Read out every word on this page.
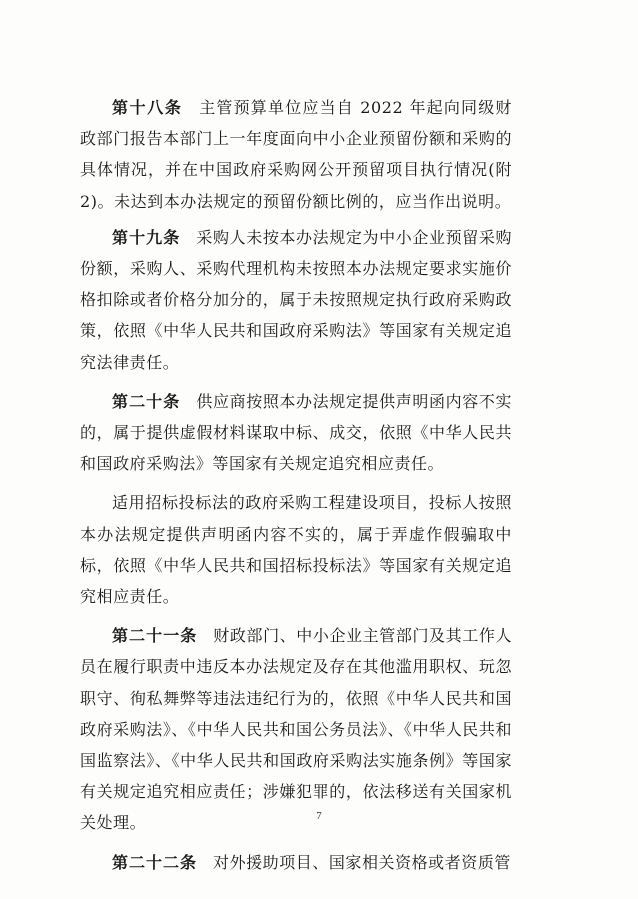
第十八条 主管预算单位应当自 2022 年起向同级财政部门报告本部门上一年度面向中小企业预留份额和采购的具体情况，并在中国政府采购网公开预留项目执行情况(附2)。未达到本办法规定的预留份额比例的，应当作出说明。

第十九条 采购人未按本办法规定为中小企业预留采购份额，采购人、采购代理机构未按照本办法规定要求实施价格扣除或者价格分加分的，属于未按照规定执行政府采购政策，依照《中华人民共和国政府采购法》等国家有关规定追究法律责任。

第二十条 供应商按照本办法规定提供声明函内容不实的，属于提供虚假材料谋取中标、成交，依照《中华人民共和国政府采购法》等国家有关规定追究相应责任。

适用招标投标法的政府采购工程建设项目，投标人按照本办法规定提供声明函内容不实的，属于弄虚作假骗取中标，依照《中华人民共和国招标投标法》等国家有关规定追究相应责任。

第二十一条 财政部门、中小企业主管部门及其工作人员在履行职责中违反本办法规定及存在其他滥用职权、玩忽职守、徇私舞弊等违法违纪行为的，依照《中华人民共和国政府采购法》、《中华人民共和国公务员法》、《中华人民共和国监察法》、《中华人民共和国政府采购法实施条例》等国家有关规定追究相应责任；涉嫌犯罪的，依法移送有关国家机关处理。

第二十二条 对外援助项目、国家相关资格或者资质管

7
